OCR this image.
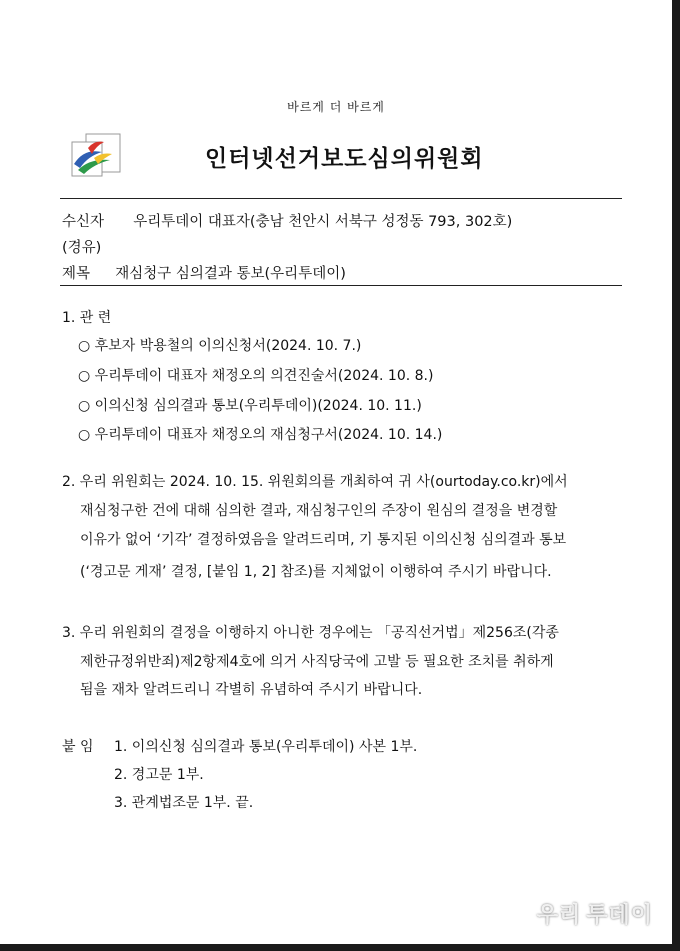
바르게 더 바르게
인터넷선거보도심의위원회
수신자 우리투데이 대표자(충남 천안시 서북구 성정동 793, 302호)
(경유)
제목 재심청구 심의결과 통보(우리투데이)
1. 관 련
○ 후보자 박용철의 이의신청서(2024. 10. 7.)
○ 우리투데이 대표자 채정오의 의견진술서(2024. 10. 8.)
○ 이의신청 심의결과 통보(우리투데이)(2024. 10. 11.)
○ 우리투데이 대표자 채정오의 재심청구서(2024. 10. 14.)
2. 우리 위원회는 2024. 10. 15. 위원회의를 개최하여 귀 사(ourtoday.co.kr)에서
재심청구한 건에 대해 심의한 결과, 재심청구인의 주장이 원심의 결정을 변경할
이유가 없어 ‘기각’ 결정하였음을 알려드리며, 기 통지된 이의신청 심의결과 통보
(‘경고문 게재’ 결정, [붙임 1, 2] 참조)를 지체없이 이행하여 주시기 바랍니다.
3. 우리 위원회의 결정을 이행하지 아니한 경우에는 「공직선거법」제256조(각종
제한규정위반죄)제2항제4호에 의거 사직당국에 고발 등 필요한 조치를 취하게
됨을 재차 알려드리니 각별히 유념하여 주시기 바랍니다.
붙 임 1. 이의신청 심의결과 통보(우리투데이) 사본 1부.
2. 경고문 1부.
3. 관계법조문 1부. 끝.
우리 투데이
